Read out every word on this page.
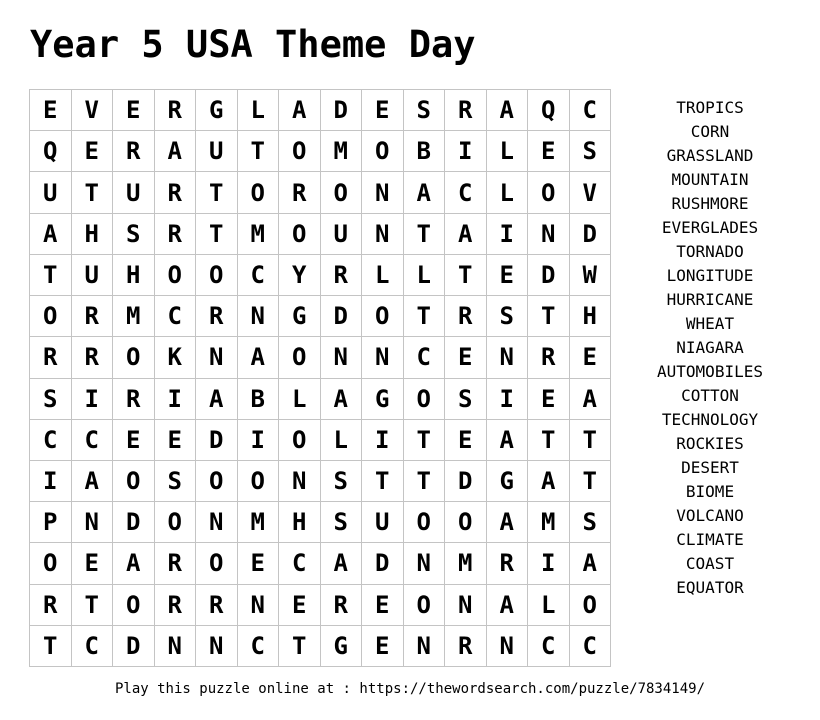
Year 5 USA Theme Day
E	V	E	R	G	L	A	D	E	S	R	A	Q	C
Q	E	R	A	U	T	O	M	O	B	I	L	E	S
U	T	U	R	T	O	R	O	N	A	C	L	O	V
A	H	S	R	T	M	O	U	N	T	A	I	N	D
T	U	H	O	O	C	Y	R	L	L	T	E	D	W
O	R	M	C	R	N	G	D	O	T	R	S	T	H
R	R	O	K	N	A	O	N	N	C	E	N	R	E
S	I	R	I	A	B	L	A	G	O	S	I	E	A
C	C	E	E	D	I	O	L	I	T	E	A	T	T
I	A	O	S	O	O	N	S	T	T	D	G	A	T
P	N	D	O	N	M	H	S	U	O	O	A	M	S
O	E	A	R	O	E	C	A	D	N	M	R	I	A
R	T	O	R	R	N	E	R	E	O	N	A	L	O
T	C	D	N	N	C	T	G	E	N	R	N	C	C
TROPICS
CORN
GRASSLAND
MOUNTAIN
RUSHMORE
EVERGLADES
TORNADO
LONGITUDE
HURRICANE
WHEAT
NIAGARA
AUTOMOBILES
COTTON
TECHNOLOGY
ROCKIES
DESERT
BIOME
VOLCANO
CLIMATE
COAST
EQUATOR
Play this puzzle online at : https://thewordsearch.com/puzzle/7834149/
